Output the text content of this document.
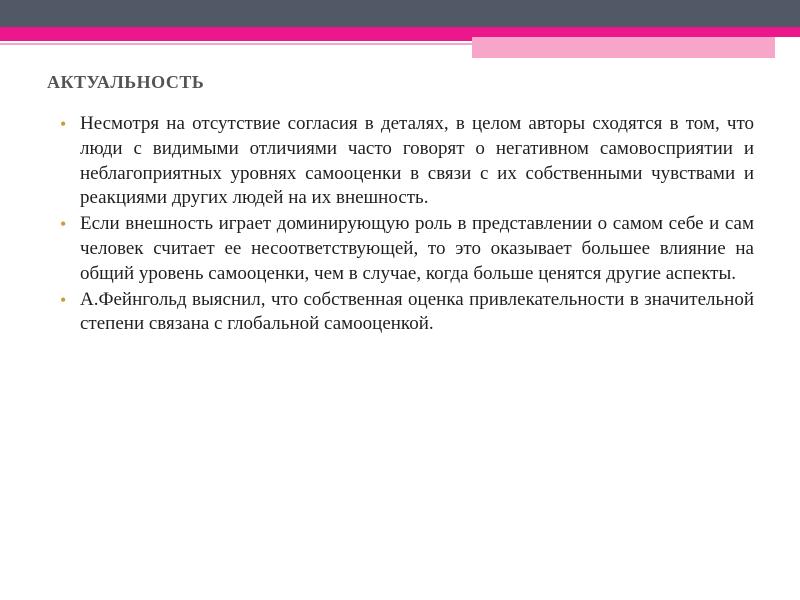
АКТУАЛЬНОСТЬ
• Несмотря на отсутствие согласия в деталях, в целом авторы сходятся в том, что люди с видимыми отличиями часто говорят о негативном самовосприятии и неблагоприятных уровнях самооценки в связи с их собственными чувствами и реакциями других людей на их внешность.
• Если внешность играет доминирующую роль в представлении о самом себе и сам человек считает ее несоответствующей, то это оказывает большее влияние на общий уровень самооценки, чем в случае, когда больше ценятся другие аспекты.
• А.Фейнгольд выяснил, что собственная оценка привлекательности в значительной степени связана с глобальной самооценкой.
